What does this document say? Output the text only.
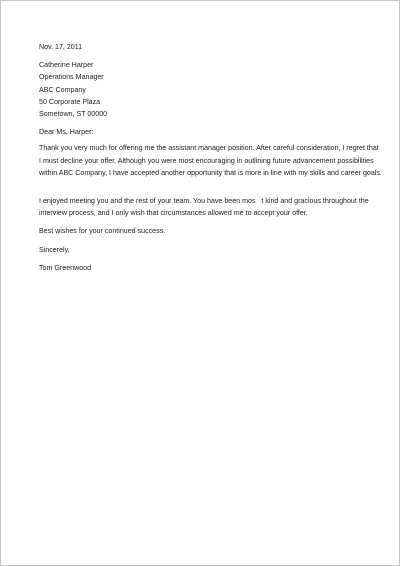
Nov. 17, 2011
Catherine Harper
Operations Manager
ABC Company
50 Corporate Plaza
Sometown, ST 00000
Dear Ms. Harper:
Thank you very much for offering me the assistant manager position. After careful consideration, I regret that
I must decline your offer. Although you were most encouraging in outlining future advancement possibilities
within ABC Company, I have accepted another opportunity that is more in line with my skills and career goals.
I enjoyed meeting you and the rest of your team. You have been mos   t kind and gracious throughout the
interview process, and I only wish that circumstances allowed me to accept your offer.
Best wishes for your continued success.
Sincerely,
Tom Greenwood
